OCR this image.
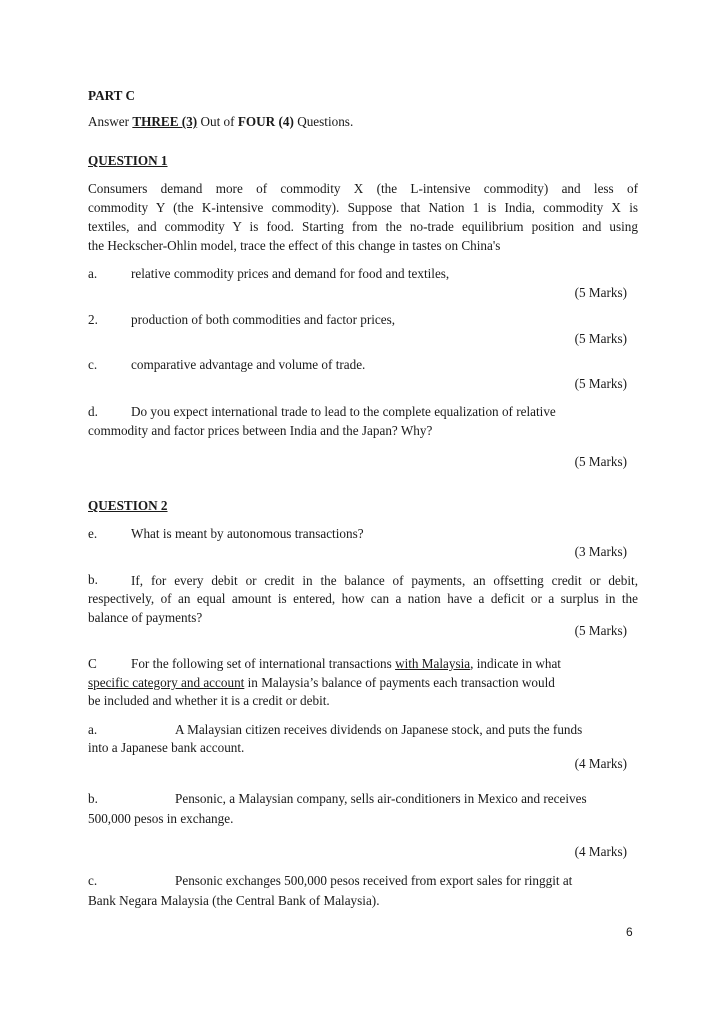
PART C
Answer THREE (3) Out of FOUR (4) Questions.
QUESTION 1
Consumers demand more of commodity X (the L-intensive commodity) and less of
commodity Y (the K-intensive commodity). Suppose that Nation 1 is India, commodity X is
textiles, and commodity Y is food. Starting from the no-trade equilibrium position and using
the Heckscher-Ohlin model, trace the effect of this change in tastes on China's
a.	relative commodity prices and demand for food and textiles,
(5 Marks)
2.	production of both commodities and factor prices,
(5 Marks)
c.	comparative advantage and volume of trade.
(5 Marks)
d.	Do you expect international trade to lead to the complete equalization of relative
commodity and factor prices between India and the Japan? Why?
(5 Marks)
QUESTION 2
e.	What is meant by autonomous transactions?
(3 Marks)
b.	If, for every debit or credit in the balance of payments, an offsetting credit or debit,
respectively, of an equal amount is entered, how can a nation have a deficit or a surplus in the
balance of payments?
(5 Marks)
C	For the following set of international transactions with Malaysia, indicate in what
specific category and account in Malaysia’s balance of payments each transaction would
be included and whether it is a credit or debit.
a.	A Malaysian citizen receives dividends on Japanese stock, and puts the funds
into a Japanese bank account.
(4 Marks)
b.	Pensonic, a Malaysian company, sells air-conditioners in Mexico and receives
500,000 pesos in exchange.
(4 Marks)
c.	Pensonic exchanges 500,000 pesos received from export sales for ringgit at
Bank Negara Malaysia (the Central Bank of Malaysia).
6
